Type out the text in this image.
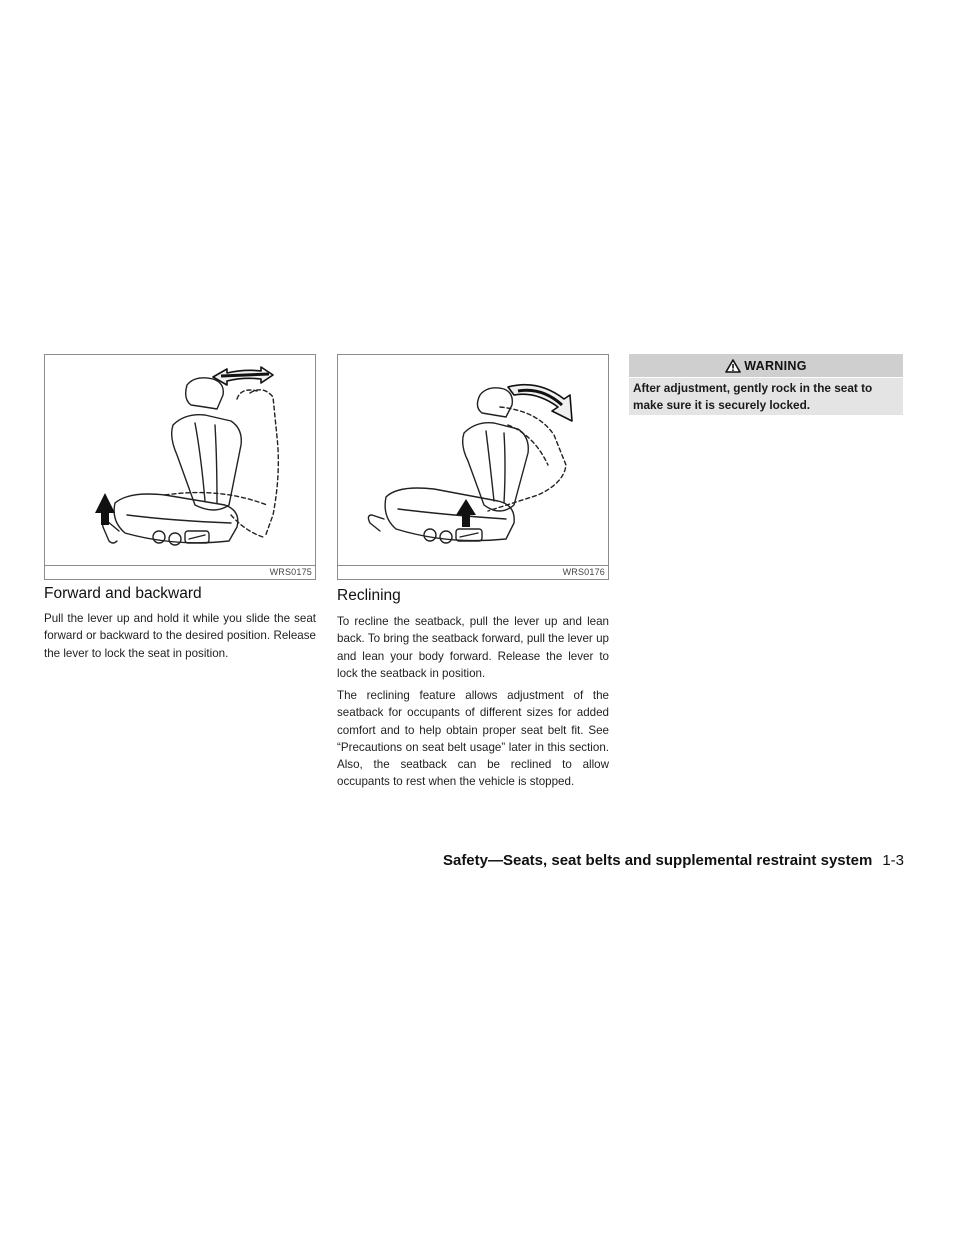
WRS0175	WRS0176
Forward and backward

Pull the lever up and hold it while you slide the seat forward or backward to the desired position. Release the lever to lock the seat in position.

Reclining

To recline the seatback, pull the lever up and lean back. To bring the seatback forward, pull the lever up and lean your body forward. Release the lever to lock the seatback in position.

The reclining feature allows adjustment of the seatback for occupants of different sizes for added comfort and to help obtain proper seat belt fit. See “Precautions on seat belt usage” later in this section. Also, the seatback can be reclined to allow occupants to rest when the vehicle is stopped.

WARNING
After adjustment, gently rock in the seat to make sure it is securely locked.
Safety—Seats, seat belts and supplemental restraint system 1-3
